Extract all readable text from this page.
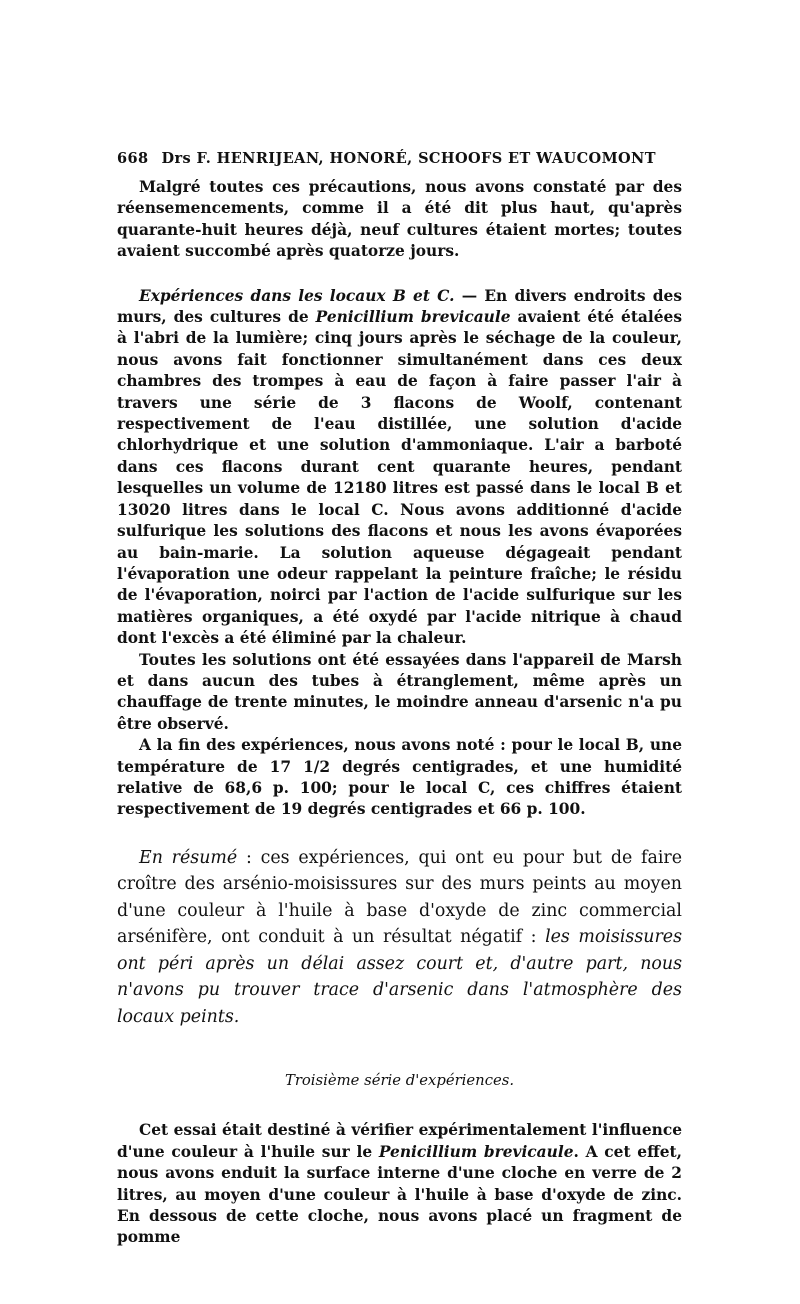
668 Drs F. HENRIJEAN, HONORÉ, SCHOOFS ET WAUCOMONT

Malgré toutes ces précautions, nous avons constaté par des réensemencements, comme il a été dit plus haut, qu'après quarante-huit heures déjà, neuf cultures étaient mortes; toutes avaient succombé après quatorze jours.

Expériences dans les locaux B et C. — En divers endroits des murs, des cultures de Penicillium brevicaule avaient été étalées à l'abri de la lumière; cinq jours après le séchage de la couleur, nous avons fait fonctionner simultanément dans ces deux chambres des trompes à eau de façon à faire passer l'air à travers une série de 3 flacons de Woolf, contenant respectivement de l'eau distillée, une solution d'acide chlorhydrique et une solution d'ammoniaque. L'air a barboté dans ces flacons durant cent quarante heures, pendant lesquelles un volume de 12180 litres est passé dans le local B et 13020 litres dans le local C. Nous avons additionné d'acide sulfurique les solutions des flacons et nous les avons évaporées au bain-marie. La solution aqueuse dégageait pendant l'évaporation une odeur rappelant la peinture fraîche; le résidu de l'évaporation, noirci par l'action de l'acide sulfurique sur les matières organiques, a été oxydé par l'acide nitrique à chaud dont l'excès a été éliminé par la chaleur.

Toutes les solutions ont été essayées dans l'appareil de Marsh et dans aucun des tubes à étranglement, même après un chauffage de trente minutes, le moindre anneau d'arsenic n'a pu être observé.

A la fin des expériences, nous avons noté : pour le local B, une température de 17 1/2 degrés centigrades, et une humidité relative de 68,6 p. 100; pour le local C, ces chiffres étaient respectivement de 19 degrés centigrades et 66 p. 100.

En résumé : ces expériences, qui ont eu pour but de faire croître des arsénio-moisissures sur des murs peints au moyen d'une couleur à l'huile à base d'oxyde de zinc commercial arsénifère, ont conduit à un résultat négatif : les moisissures ont péri après un délai assez court et, d'autre part, nous n'avons pu trouver trace d'arsenic dans l'atmosphère des locaux peints.

Troisième série d'expériences.

Cet essai était destiné à vérifier expérimentalement l'influence d'une couleur à l'huile sur le Penicillium brevicaule. A cet effet, nous avons enduit la surface interne d'une cloche en verre de 2 litres, au moyen d'une couleur à l'huile à base d'oxyde de zinc. En dessous de cette cloche, nous avons placé un fragment de pomme
